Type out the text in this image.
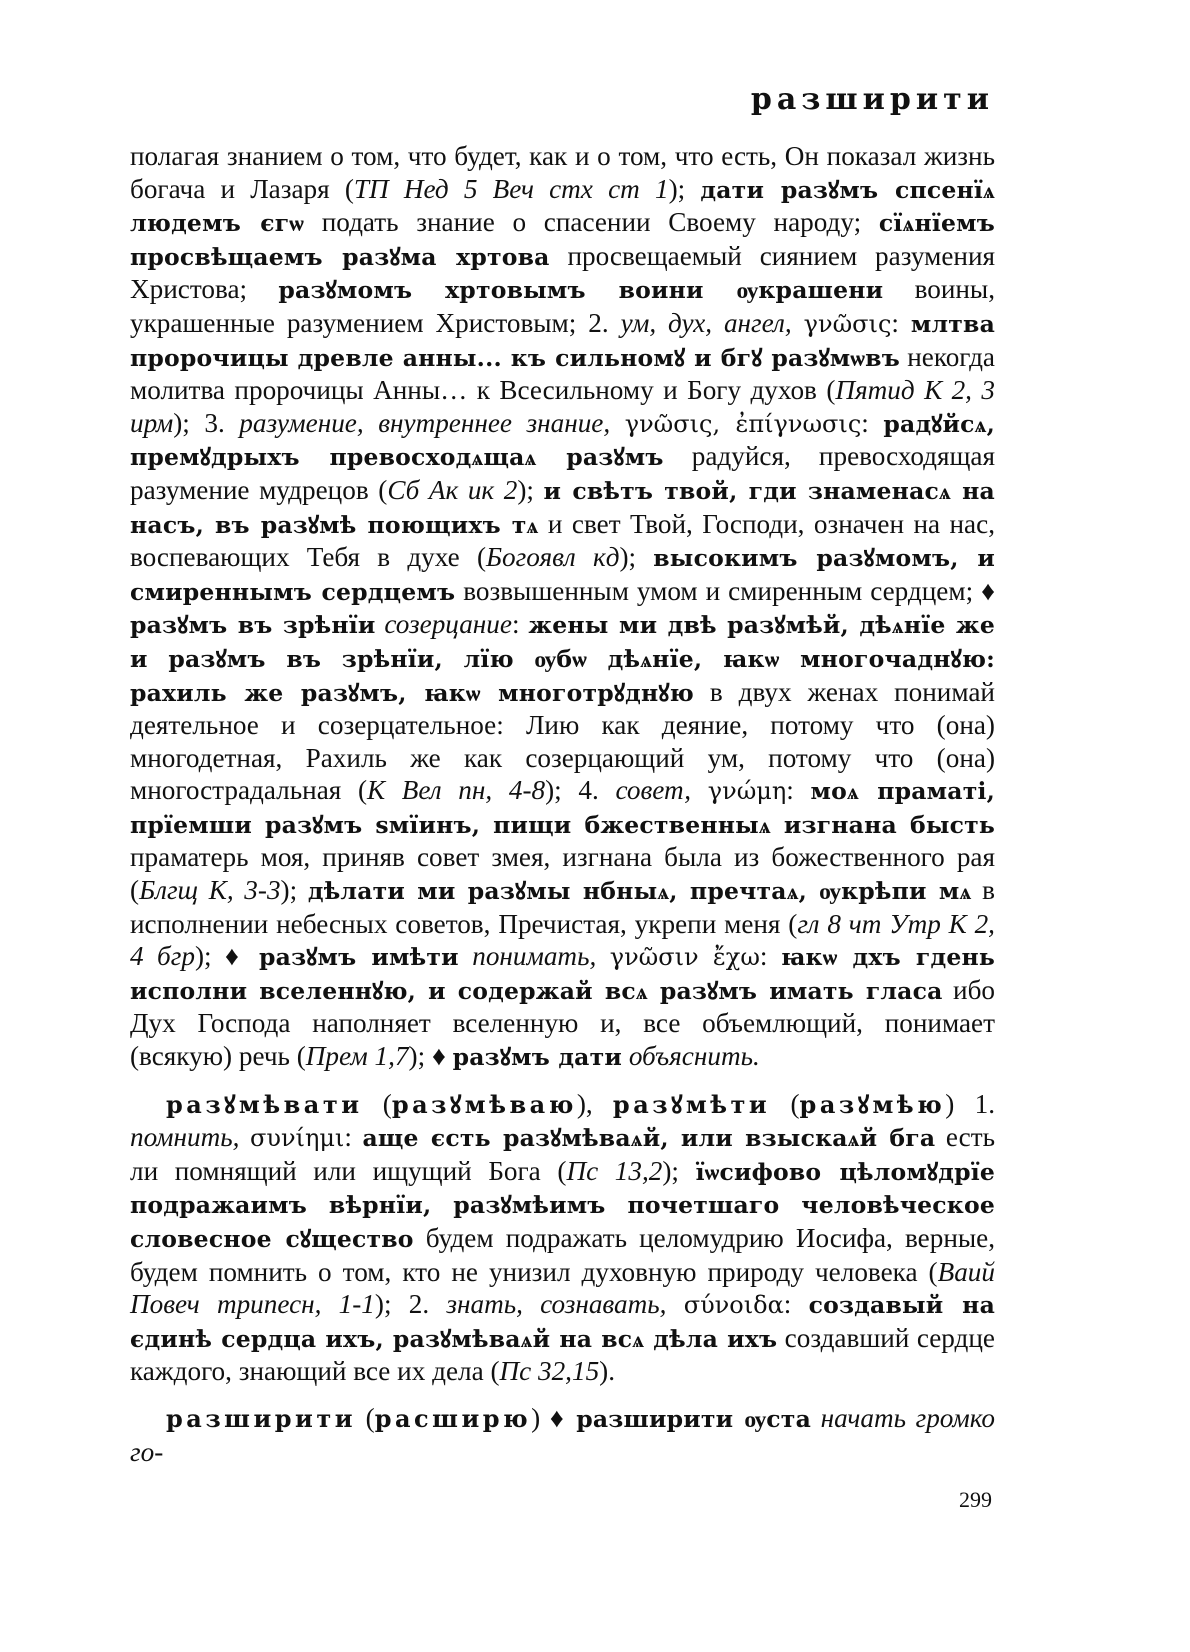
разширити

полагая знанием о том, что будет, как и о том, что есть, Он показал жизнь богача и Лазаря (ТП Нед 5 Веч стх ст 1); дати разꙋмъ спсенїѧ людемъ єгѡ подать знание о спасении Своему народу; сїѧнїемъ просвѣщаемъ разꙋма хртова просвещаемый сиянием разумения Христова; разꙋмомъ хртовымъ воини ѹкрашени воины, украшенные разумением Христовым; 2. ум, дух, ангел, γνῶσις: млтва пророчицы древле анны... къ сильномꙋ и бгꙋ разꙋмѡвъ некогда молитва пророчицы Анны… к Всесильному и Богу духов (Пятид К 2, 3 ирм); 3. разумение, внутреннее знание, γνῶσις, ἐπίγνωσις: радꙋйсѧ, премꙋдрыхъ превосходѧщаѧ разꙋмъ радуйся, превосходящая разумение мудрецов (Сб Ак ик 2); и свѣтъ твой, гди знаменасѧ на насъ, въ разꙋмѣ поющихъ тѧ и свет Твой, Господи, означен на нас, воспевающих Тебя в духе (Богоявл кд); высокимъ разꙋмомъ, и смиреннымъ сердцемъ возвышенным умом и смиренным сердцем; ♦ разꙋмъ въ зрѣнїи созерцание: жены ми двѣ разꙋмѣй, дѣѧнїе же и разꙋмъ въ зрѣнїи, лїю ѹбѡ дѣѧнїе, ꙗкѡ многочаднꙋю: рахиль же разꙋмъ, ꙗкѡ многотрꙋднꙋю в двух женах понимай деятельное и созерцательное: Лию как деяние, потому что (она) многодетная, Рахиль же как созерцающий ум, потому что (она) многострадальная (К Вел пн, 4-8); 4. совет, γνώμη: моѧ праматі, прїемши разꙋмъ ѕмїинъ, пищи бжественныѧ изгнана бысть праматерь моя, приняв совет змея, изгнана была из божественного рая (Блгщ К, 3-3); дѣлати ми разꙋмы нбныѧ, пречтаѧ, ѹкрѣпи мѧ в исполнении небесных советов, Пречистая, укрепи меня (гл 8 чт Утр К 2, 4 бгр); ♦ разꙋмъ имѣти понимать, γνῶσιν ἔχω: ꙗкѡ дхъ гдень исполни вселеннꙋю, и содержай всѧ разꙋмъ имать гласа ибо Дух Господа наполняет вселенную и, все объемлющий, понимает (всякую) речь (Прем 1,7); ♦ разꙋмъ дати объяснить.

разꙋмѣвати (разꙋмѣваю), разꙋмѣти (разꙋмѣю) 1. помнить, συνίημι: аще єсть разꙋмѣваѧй, или взыскаѧй бга есть ли помнящий или ищущий Бога (Пс 13,2); їѡсифово цѣломꙋдрїе подражаимъ вѣрнїи, разꙋмѣимъ почетшаго человѣческое словесное сꙋщество будем подражать целомудрию Иосифа, верные, будем помнить о том, кто не унизил духовную природу человека (Ваий Повеч трипесн, 1-1); 2. знать, сознавать, σύνοιδα: создавый на єдинѣ сердца ихъ, разꙋмѣваѧй на всѧ дѣла ихъ создавший сердце каждого, знающий все их дела (Пс 32,15).

разширити (расширю) ♦ разширити ѹста начать громко го-

299
